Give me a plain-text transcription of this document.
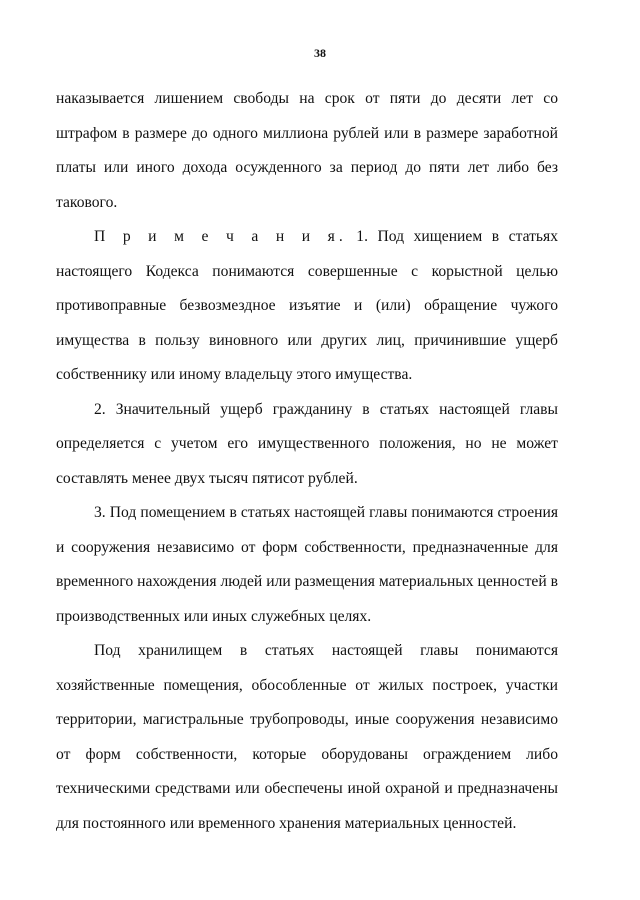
38

наказывается лишением свободы на срок от пяти до десяти лет со штрафом в размере до одного миллиона рублей или в размере заработной платы или иного дохода осужденного за период до пяти лет либо без такового.

П р и м е ч а н и я. 1. Под хищением в статьях настоящего Кодекса понимаются совершенные с корыстной целью противоправные безвозмездное изъятие и (или) обращение чужого имущества в пользу виновного или других лиц, причинившие ущерб собственнику или иному владельцу этого имущества.

2. Значительный ущерб гражданину в статьях настоящей главы определяется с учетом его имущественного положения, но не может составлять менее двух тысяч пятисот рублей.

3. Под помещением в статьях настоящей главы понимаются строения и сооружения независимо от форм собственности, предназначенные для временного нахождения людей или размещения материальных ценностей в производственных или иных служебных целях.

Под хранилищем в статьях настоящей главы понимаются хозяйственные помещения, обособленные от жилых построек, участки территории, магистральные трубопроводы, иные сооружения независимо от форм собственности, которые оборудованы ограждением либо техническими средствами или обеспечены иной охраной и предназначены для постоянного или временного хранения материальных ценностей.
